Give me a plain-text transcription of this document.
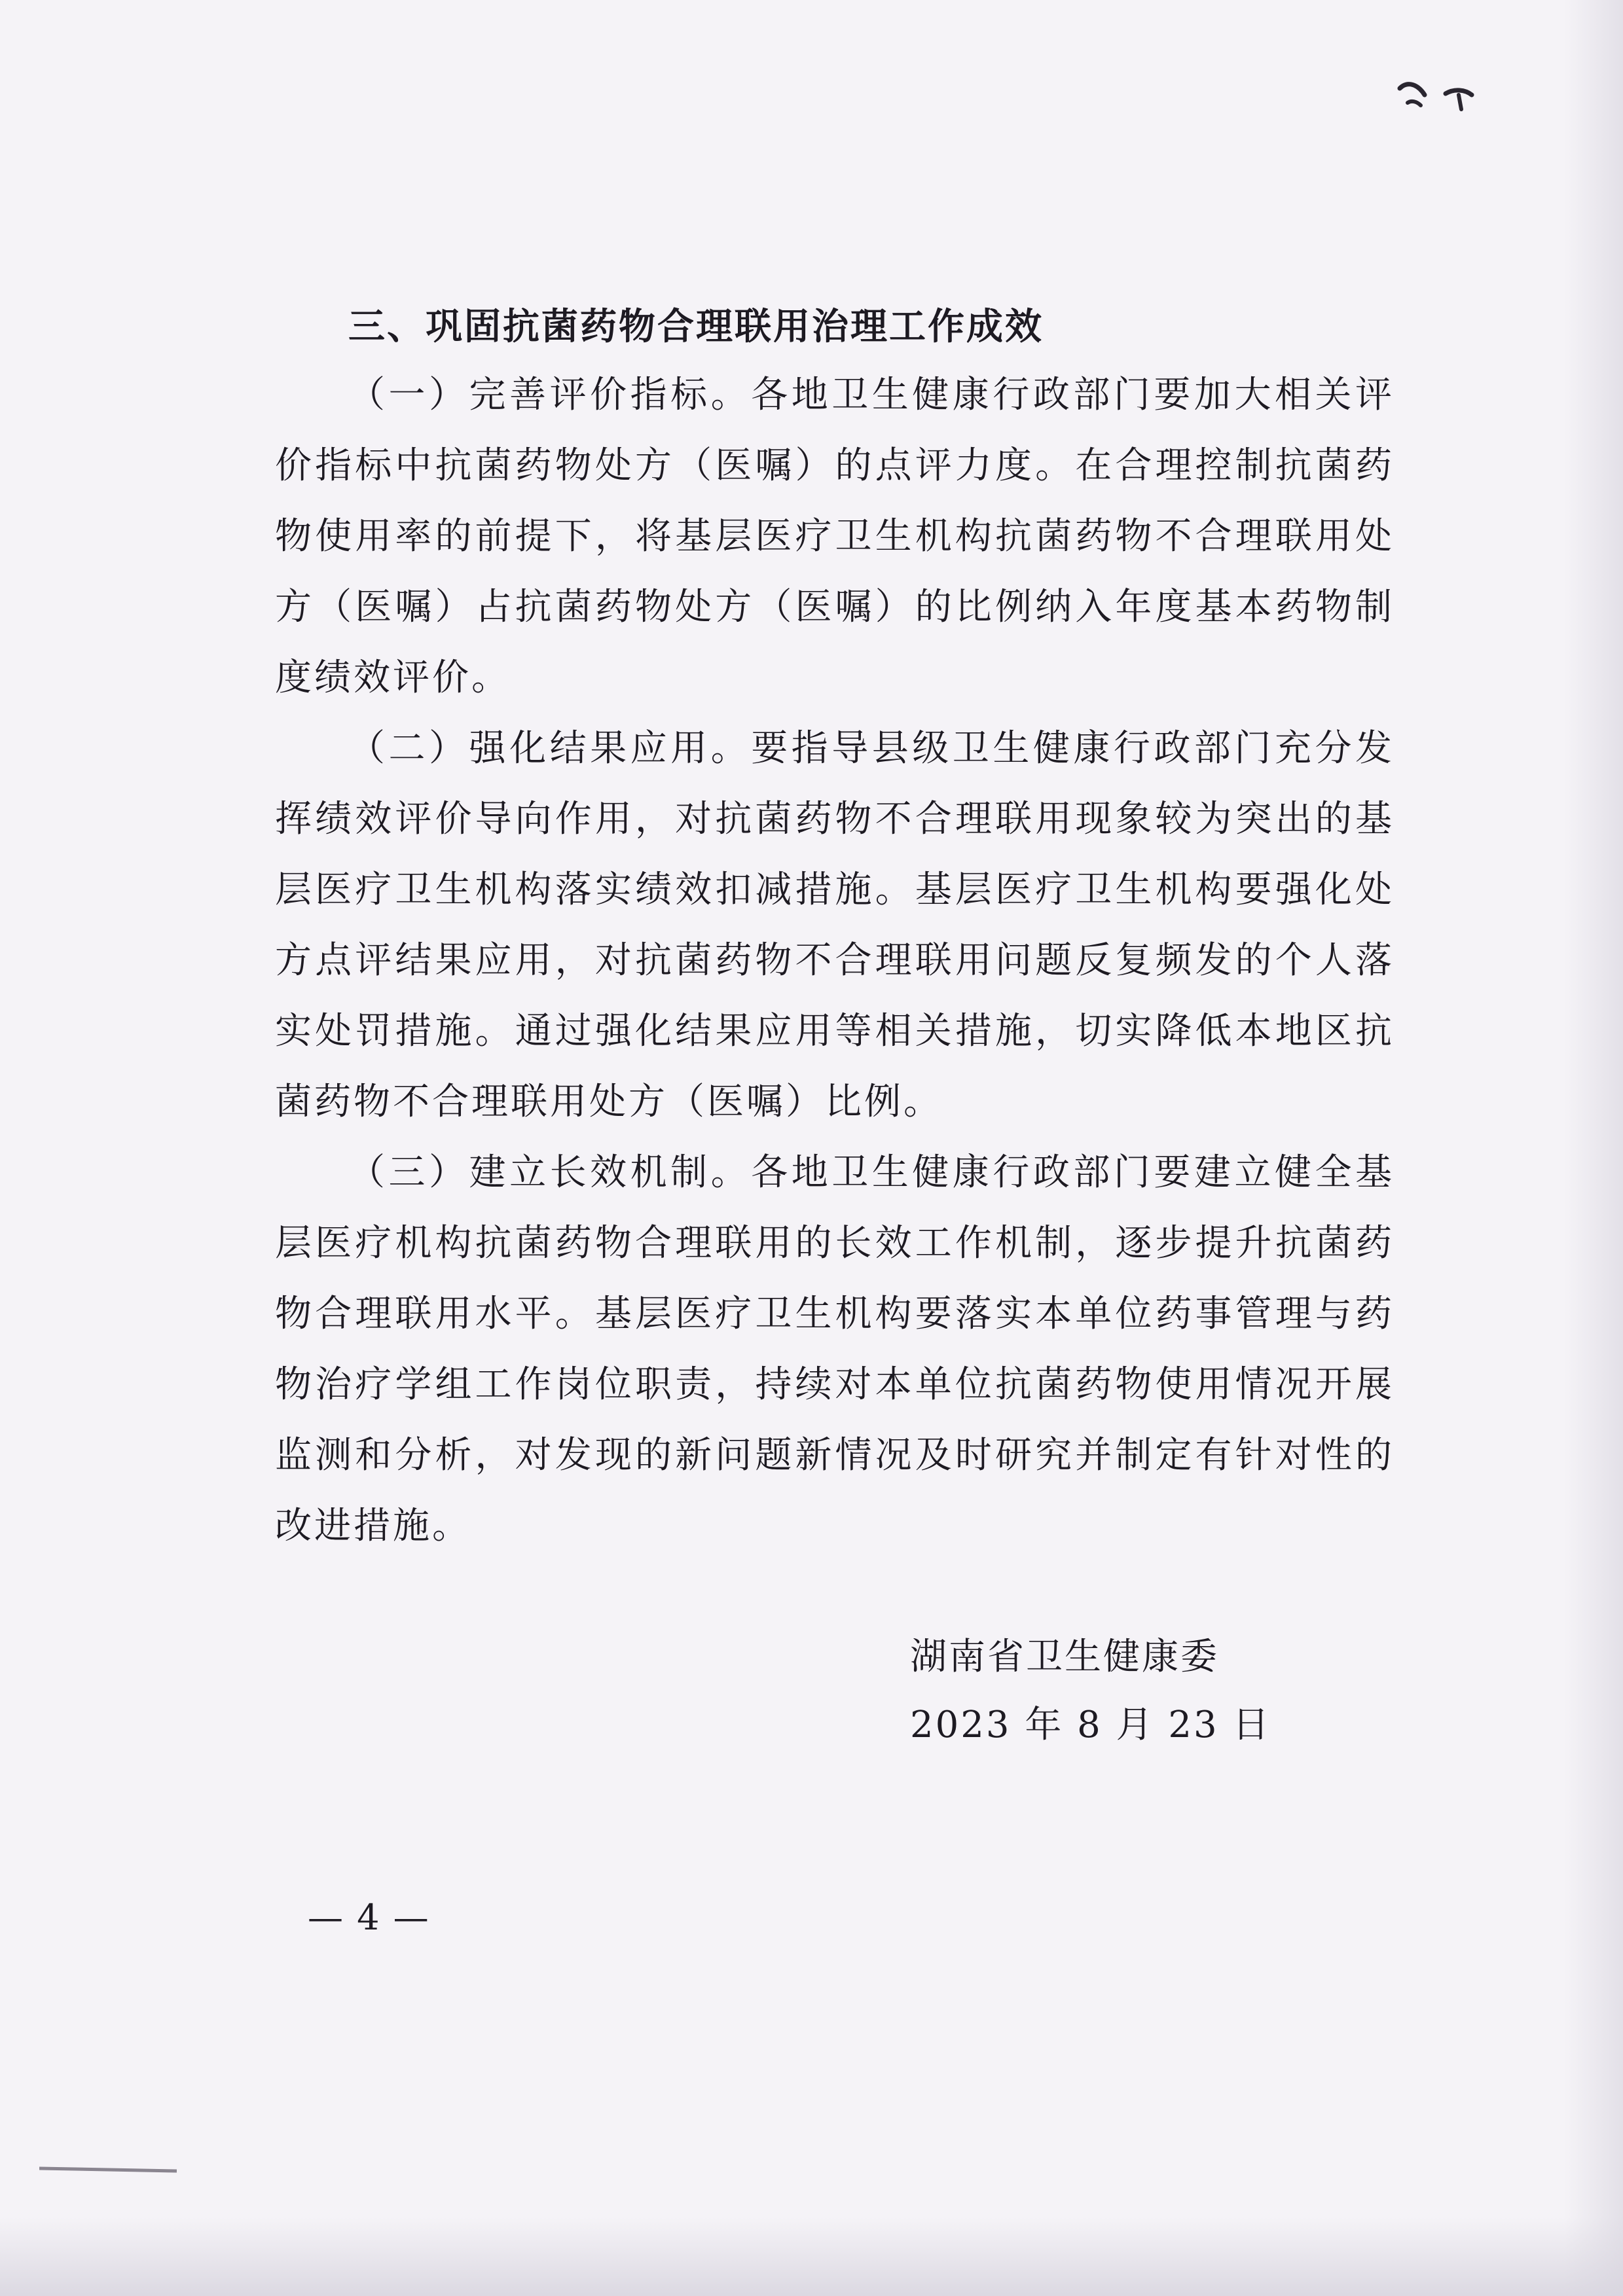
三、巩固抗菌药物合理联用治理工作成效

（一）完善评价指标。各地卫生健康行政部门要加大相关评价指标中抗菌药物处方（医嘱）的点评力度。在合理控制抗菌药物使用率的前提下，将基层医疗卫生机构抗菌药物不合理联用处方（医嘱）占抗菌药物处方（医嘱）的比例纳入年度基本药物制度绩效评价。

（二）强化结果应用。要指导县级卫生健康行政部门充分发挥绩效评价导向作用，对抗菌药物不合理联用现象较为突出的基层医疗卫生机构落实绩效扣减措施。基层医疗卫生机构要强化处方点评结果应用，对抗菌药物不合理联用问题反复频发的个人落实处罚措施。通过强化结果应用等相关措施，切实降低本地区抗菌药物不合理联用处方（医嘱）比例。

（三）建立长效机制。各地卫生健康行政部门要建立健全基层医疗机构抗菌药物合理联用的长效工作机制，逐步提升抗菌药物合理联用水平。基层医疗卫生机构要落实本单位药事管理与药物治疗学组工作岗位职责，持续对本单位抗菌药物使用情况开展监测和分析，对发现的新问题新情况及时研究并制定有针对性的改进措施。

湖南省卫生健康委
2023 年 8 月 23 日
— 4 —
